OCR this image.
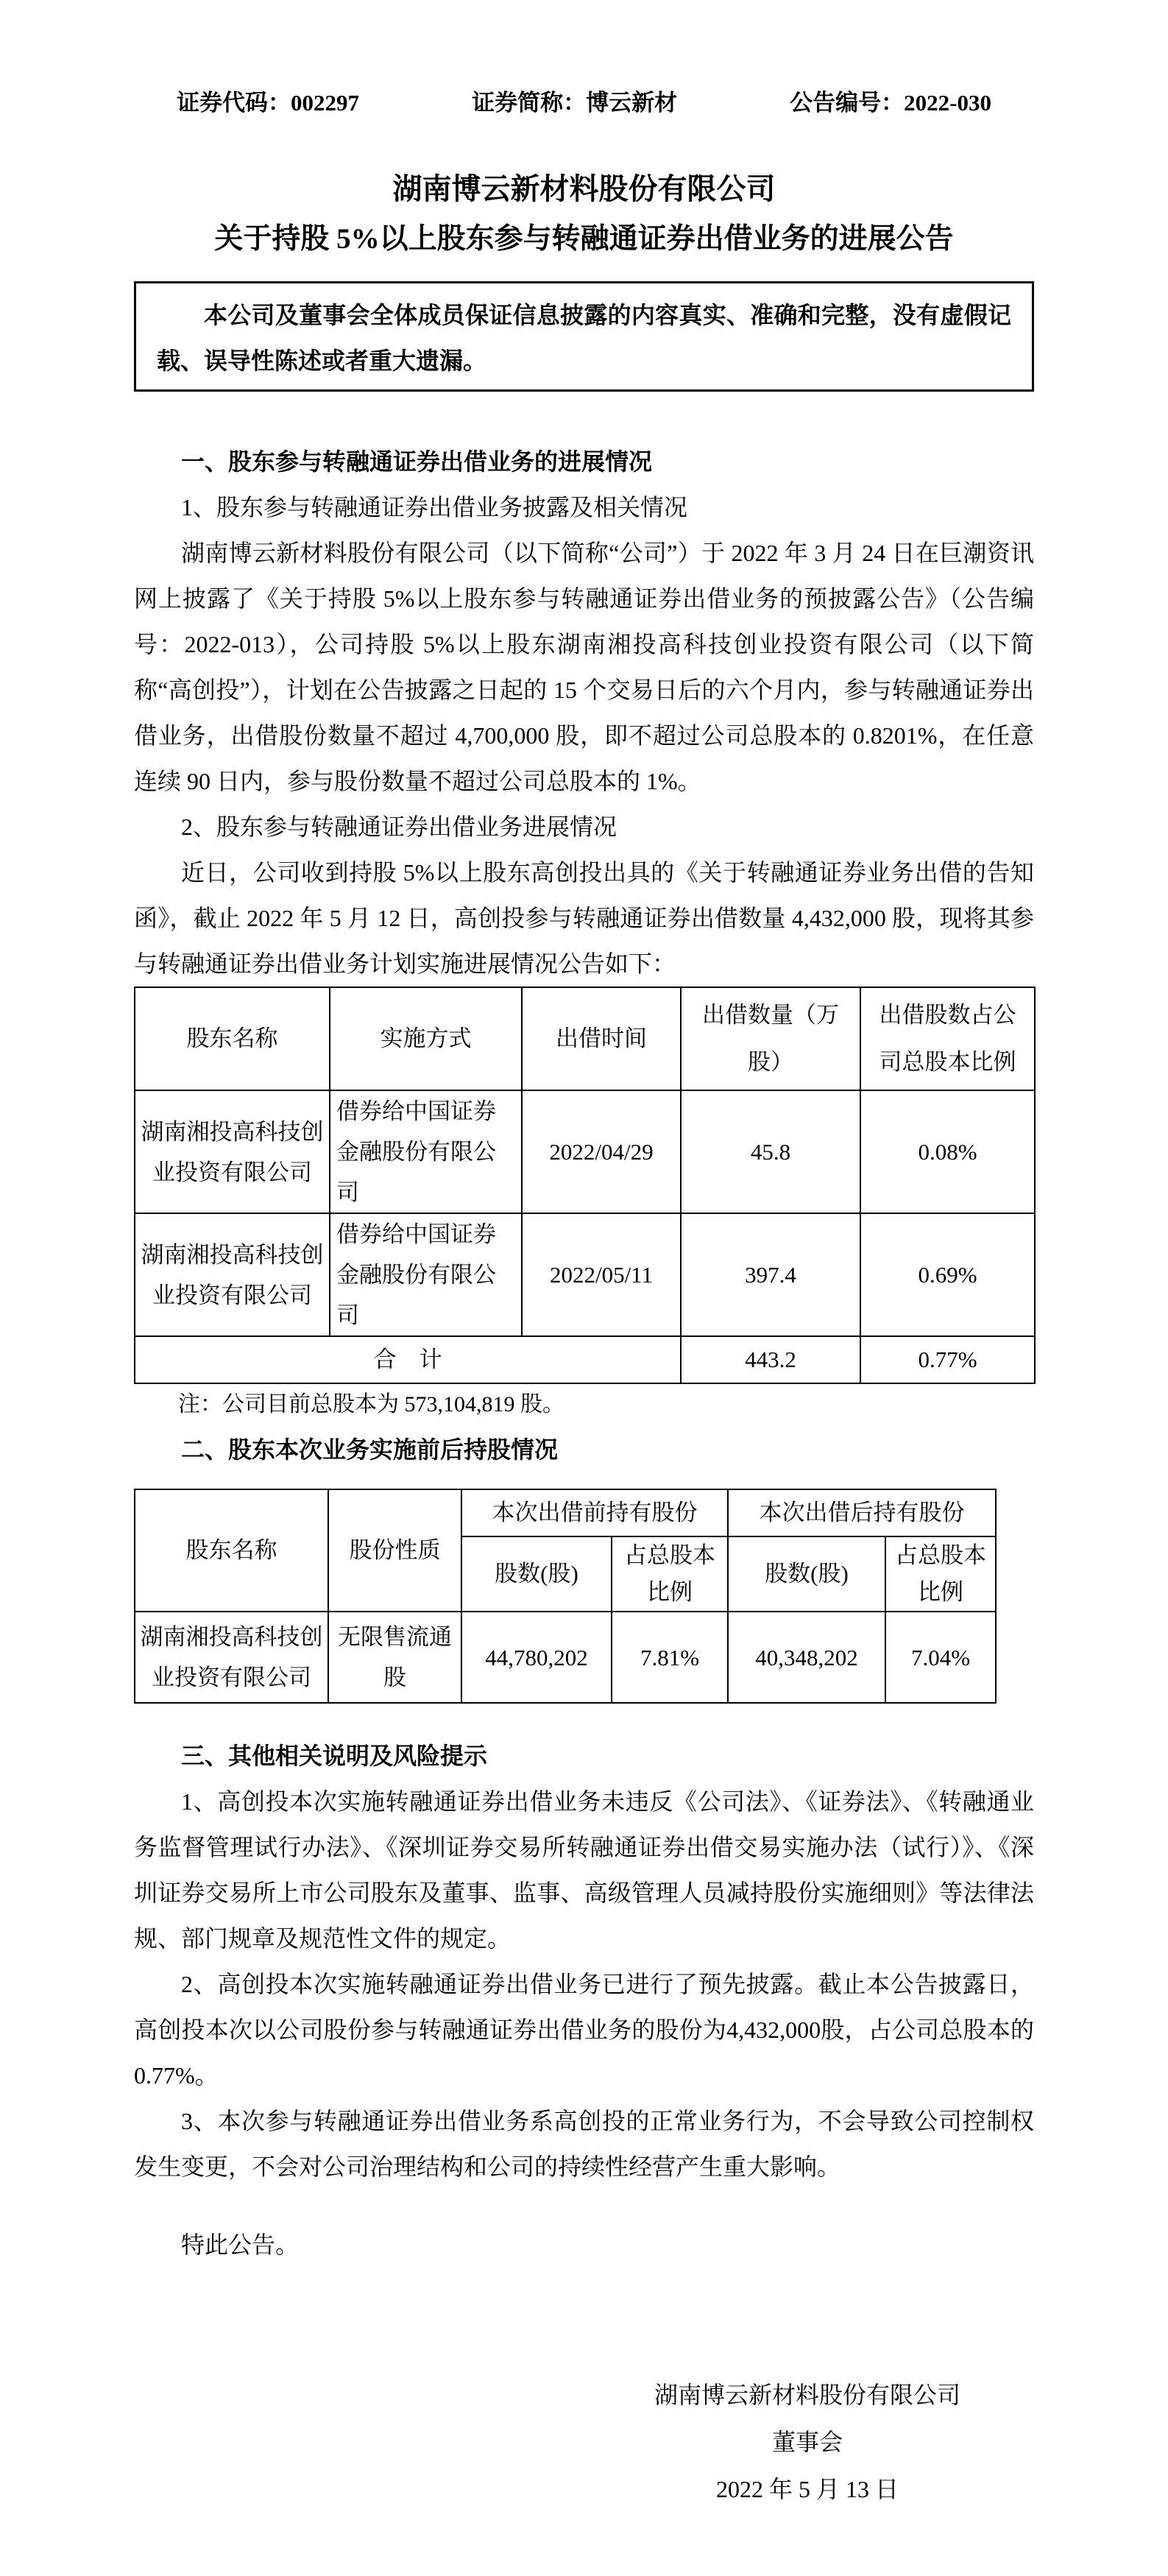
证券代码：002297	证券简称：博云新材	公告编号：2022-030
湖南博云新材料股份有限公司
关于持股 5%以上股东参与转融通证券出借业务的进展公告

本公司及董事会全体成员保证信息披露的内容真实、准确和完整，没有虚假记载、误导性陈述或者重大遗漏。

一、股东参与转融通证券出借业务的进展情况

1、股东参与转融通证券出借业务披露及相关情况

湖南博云新材料股份有限公司（以下简称“公司”）于 2022 年 3 月 24 日在巨潮资讯网上披露了《关于持股 5%以上股东参与转融通证券出借业务的预披露公告》（公告编号：2022-013），公司持股 5%以上股东湖南湘投高科技创业投资有限公司（以下简称“高创投”），计划在公告披露之日起的 15 个交易日后的六个月内，参与转融通证券出借业务，出借股份数量不超过 4,700,000 股，即不超过公司总股本的 0.8201%，在任意连续 90 日内，参与股份数量不超过公司总股本的 1%。

2、股东参与转融通证券出借业务进展情况

近日，公司收到持股 5%以上股东高创投出具的《关于转融通证券业务出借的告知函》，截止 2022 年 5 月 12 日，高创投参与转融通证券出借数量 4,432,000 股，现将其参与转融通证券出借业务计划实施进展情况公告如下：

股东名称	实施方式	出借时间	出借数量（万股）	出借股数占公司总股本比例
湖南湘投高科技创业投资有限公司	借券给中国证券金融股份有限公司	2022/04/29	45.8	0.08%
湖南湘投高科技创业投资有限公司	借券给中国证券金融股份有限公司	2022/05/11	397.4	0.69%
合　计			443.2	0.77%

注：公司目前总股本为 573,104,819 股。

二、股东本次业务实施前后持股情况

股东名称	股份性质	本次出借前持有股份		本次出借后持有股份	
		股数(股)	占总股本比例	股数(股)	占总股本比例
湖南湘投高科技创业投资有限公司	无限售流通股	44,780,202	7.81%	40,348,202	7.04%

三、其他相关说明及风险提示

1、高创投本次实施转融通证券出借业务未违反《公司法》、《证券法》、《转融通业务监督管理试行办法》、《深圳证券交易所转融通证券出借交易实施办法（试行）》、《深圳证券交易所上市公司股东及董事、监事、高级管理人员减持股份实施细则》等法律法规、部门规章及规范性文件的规定。

2、高创投本次实施转融通证券出借业务已进行了预先披露。截止本公告披露日，高创投本次以公司股份参与转融通证券出借业务的股份为4,432,000股，占公司总股本的0.77%。

3、本次参与转融通证券出借业务系高创投的正常业务行为，不会导致公司控制权发生变更，不会对公司治理结构和公司的持续性经营产生重大影响。

特此公告。

湖南博云新材料股份有限公司
董事会
2022 年 5 月 13 日
